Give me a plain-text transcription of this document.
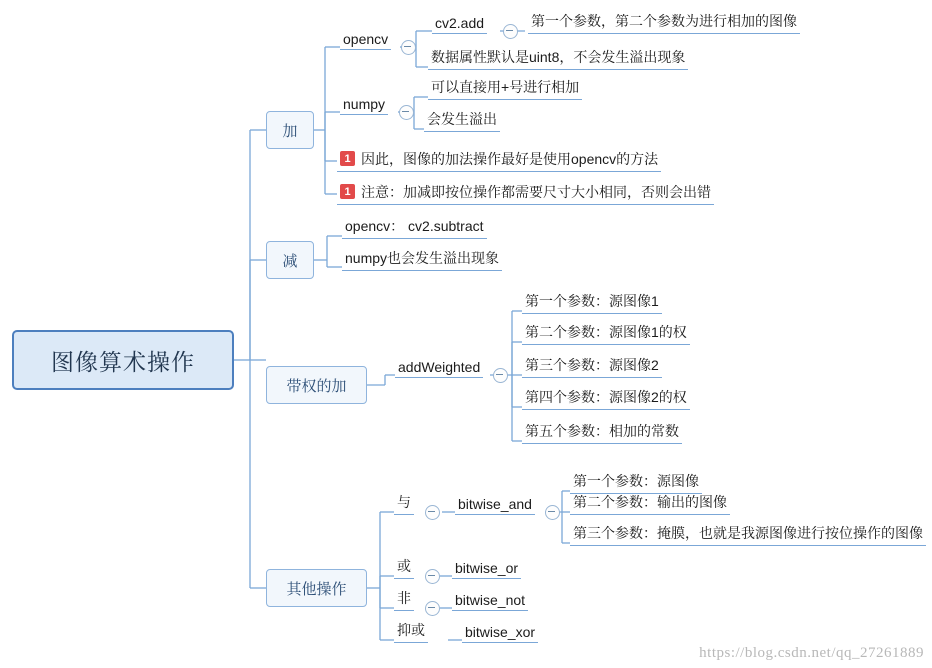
图像算术操作
加
减
带权的加
其他操作
opencv
cv2.add	第一个参数，第二个参数为进行相加的图像
数据属性默认是uint8，不会发生溢出现象
numpy
可以直接用+号进行相加
会发生溢出
1 因此，图像的加法操作最好是使用opencv的方法
1 注意：加减即按位操作都需要尺寸大小相同，否则会出错
opencv： cv2.subtract
numpy也会发生溢出现象
addWeighted
第一个参数：源图像1
第二个参数：源图像1的权
第三个参数：源图像2
第四个参数：源图像2的权
第五个参数：相加的常数
与	bitwise_and
第一个参数：源图像
第二个参数：输出的图像
第三个参数：掩膜，也就是我源图像进行按位操作的图像
或	bitwise_or
非	bitwise_not
抑或	bitwise_xor
https://blog.csdn.net/qq_27261889
